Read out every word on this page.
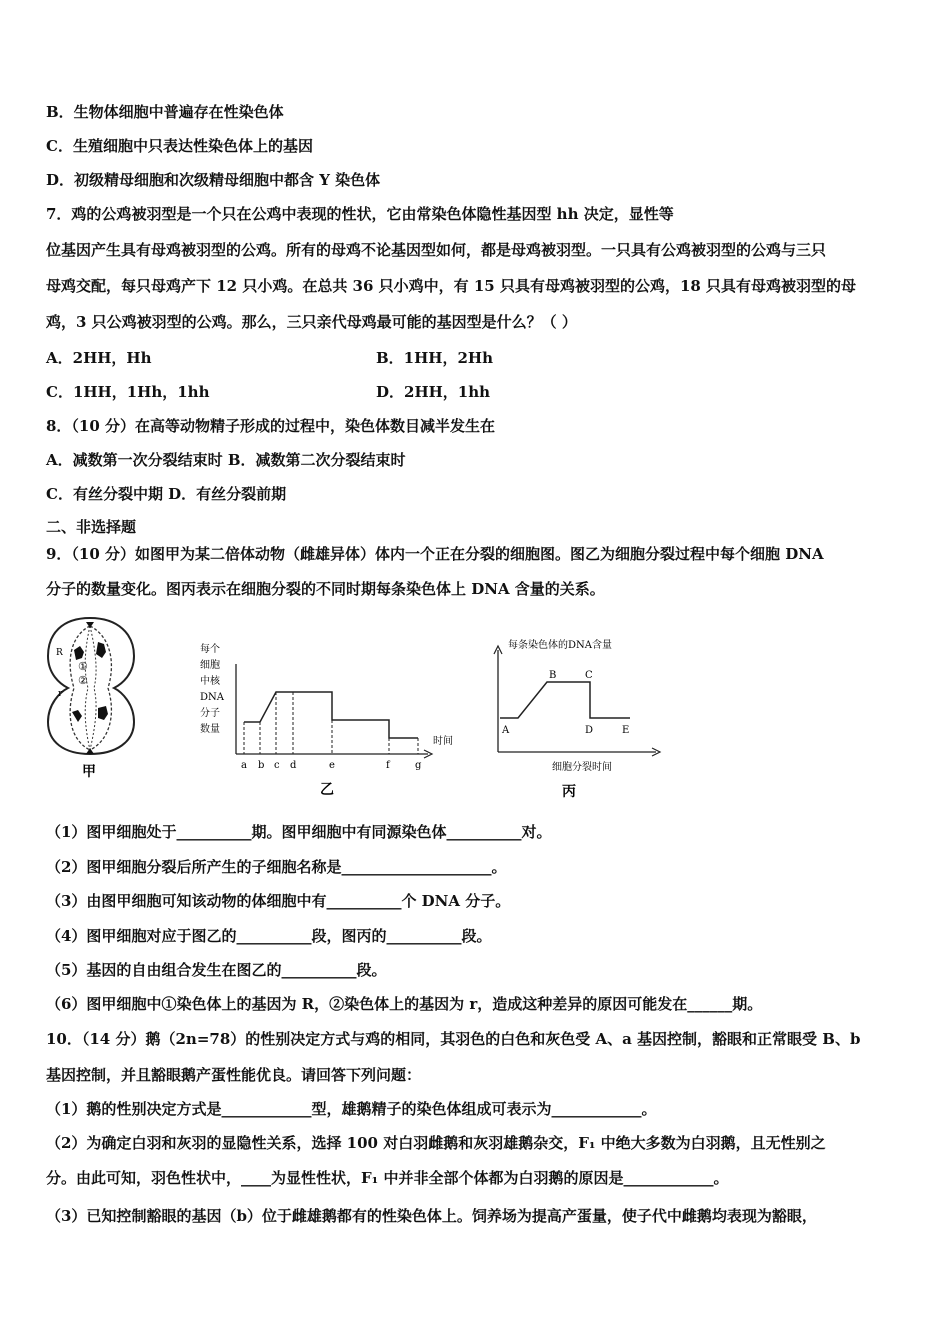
B．生物体细胞中普遍存在性染色体
C．生殖细胞中只表达性染色体上的基因
D．初级精母细胞和次级精母细胞中都含 Y 染色体
7．鸡的公鸡被羽型是一个只在公鸡中表现的性状，它由常染色体隐性基因型 hh 决定，显性等
位基因产生具有母鸡被羽型的公鸡。所有的母鸡不论基因型如何，都是母鸡被羽型。一只具有公鸡被羽型的公鸡与三只
母鸡交配，每只母鸡产下 12 只小鸡。在总共 36 只小鸡中，有 15 只具有母鸡被羽型的公鸡，18 只具有母鸡被羽型的母
鸡，3 只公鸡被羽型的公鸡。那么，三只亲代母鸡最可能的基因型是什么？（ ）
A．2HH，Hh	B．1HH，2Hh
C．1HH，1Hh，1hh	D．2HH，1hh
8．（10 分）在高等动物精子形成的过程中，染色体数目减半发生在
A．减数第一次分裂结束时 B．减数第二次分裂结束时
C．有丝分裂中期 D．有丝分裂前期
二、非选择题
9．（10 分）如图甲为某二倍体动物（雌雄异体）体内一个正在分裂的细胞图。图乙为细胞分裂过程中每个细胞 DNA
分子的数量变化。图丙表示在细胞分裂的不同时期每条染色体上 DNA 含量的关系。
R
r
①
②
甲
每个
细胞
中核
DNA
分子
数量
时间
a b c d	e	f	g
乙
每条染色体的DNA含量
A
B	C
D	E
细胞分裂时间
丙
（1）图甲细胞处于__________期。图甲细胞中有同源染色体__________对。
（2）图甲细胞分裂后所产生的子细胞名称是____________________。
（3）由图甲细胞可知该动物的体细胞中有__________个 DNA 分子。
（4）图甲细胞对应于图乙的__________段，图丙的__________段。
（5）基因的自由组合发生在图乙的__________段。
（6）图甲细胞中①染色体上的基因为 R，②染色体上的基因为 r，造成这种差异的原因可能发在______期。
10．（14 分）鹅（2n=78）的性别决定方式与鸡的相同，其羽色的白色和灰色受 A、a 基因控制，豁眼和正常眼受 B、b
基因控制，并且豁眼鹅产蛋性能优良。请回答下列问题：
（1）鹅的性别决定方式是____________型，雄鹅精子的染色体组成可表示为____________。
（2）为确定白羽和灰羽的显隐性关系，选择 100 对白羽雌鹅和灰羽雄鹅杂交，F₁ 中绝大多数为白羽鹅，且无性别之
分。由此可知，羽色性状中，____为显性性状，F₁ 中并非全部个体都为白羽鹅的原因是____________。
（3）已知控制豁眼的基因（b）位于雌雄鹅都有的性染色体上。饲养场为提高产蛋量，使子代中雌鹅均表现为豁眼，
